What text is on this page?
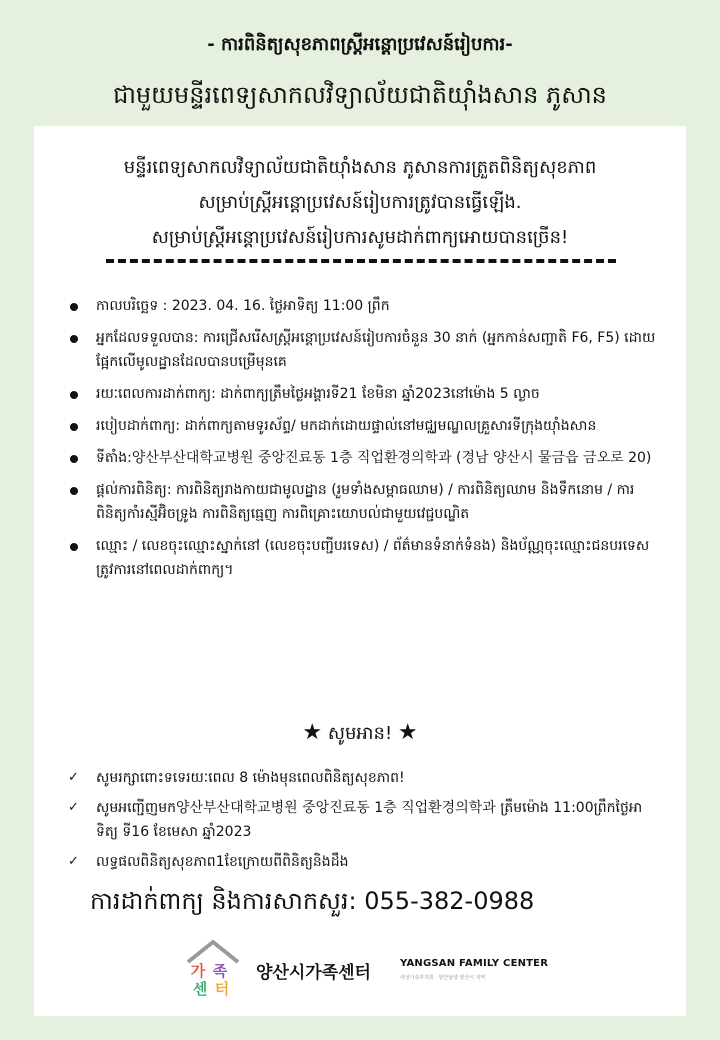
- ការពិនិត្យសុខភាពស្ត្រីអន្តោប្រវេសន៍រៀបការ-
ជាមួយមន្ទីរពេទ្យសាកលវិទ្យាល័យជាតិយ៉ាំងសាន ភូសាន
មន្ទីរពេទ្យសាកលវិទ្យាល័យជាតិយ៉ាំងសាន ភូសានការត្រួតពិនិត្យសុខភាព
សម្រាប់ស្ត្រីអន្តោប្រវេសន៍រៀបការត្រូវបានធ្វើឡើង.
សម្រាប់ស្ត្រីអន្តោប្រវេសន៍រៀបការសូមដាក់ពាក្យអោយបានច្រើន!
កាលបរិច្ឆេទ : 2023. 04. 16. ថ្ងៃអាទិត្យ 11:00 ព្រឹក
អ្នកដែលទទួលបាន: ការជ្រើសរើសស្ត្រីអន្តោប្រវេសន៍រៀបការចំនួន 30 នាក់ (អ្នកកាន់សញ្ជាតិ F6, F5) ដោយផ្អែកលើមូលដ្ឋានដែលបានបម្រើមុនគេ
រយៈពេលការដាក់ពាក្យ: ដាក់ពាក្យត្រឹមថ្ងៃអង្គារទី21 ខែមិនា ឆ្នាំ2023នៅម៉ោង 5 ល្ងាច
របៀបដាក់ពាក្យ: ដាក់ពាក្យតាមទូរស័ព្ទ/ មកដាក់ដោយផ្ទាល់នៅមជ្ឈមណ្ឌលគ្រួសារទីក្រុងយ៉ាំងសាន
ទីតាំង:양산부산대학교병원 중앙진료동 1층 직업환경의학과 (경남 양산시 물금읍 금오로 20)
ផ្តល់ការពិនិត្យ: ការពិនិត្យរាងកាយជាមូលដ្ឋាន (រួមទាំងសម្ពាធឈាម) / ការពិនិត្យឈាម និងទឹកនោម / ការពិនិត្យកាំរស្មីអ៊ិចទ្រូង ការពិនិត្យធ្មេញ ការពិគ្រោះយោបល់ជាមួយវេជ្ជបណ្ឌិត
ឈ្មោះ / លេខចុះឈ្មោះស្នាក់នៅ (លេខចុះបញ្ជីបរទេស) / ព័ត៌មានទំនាក់ទំនង) និងប័ណ្ណចុះឈ្មោះជនបរទេសត្រូវការនៅពេលដាក់ពាក្យ។
★ សូមអាន! ★
✓ សូមរក្សាពោះទទេរយៈពេល 8 ម៉ោងមុនពេលពិនិត្យសុខភាព!
✓ សូមអញ្ជើញមក양산부산대학교병원 중앙진료동 1층 직업환경의학과 ត្រឹមម៉ោង 11:00ព្រឹកថ្ងៃអាទិត្យ ទី16 ខែមេសា ឆ្នាំ2023
✓ លទ្ធផលពិនិត្យសុខភាព1ខែក្រោយពីពិនិត្យនិងដឹង
ការដាក់ពាក្យ និងការសាកសួរ: 055-382-0988
가 족
센 터
양산시가족센터	YANGSAN FAMILY CENTER
여성가족부지원 · 양산남양 양산시 지역
